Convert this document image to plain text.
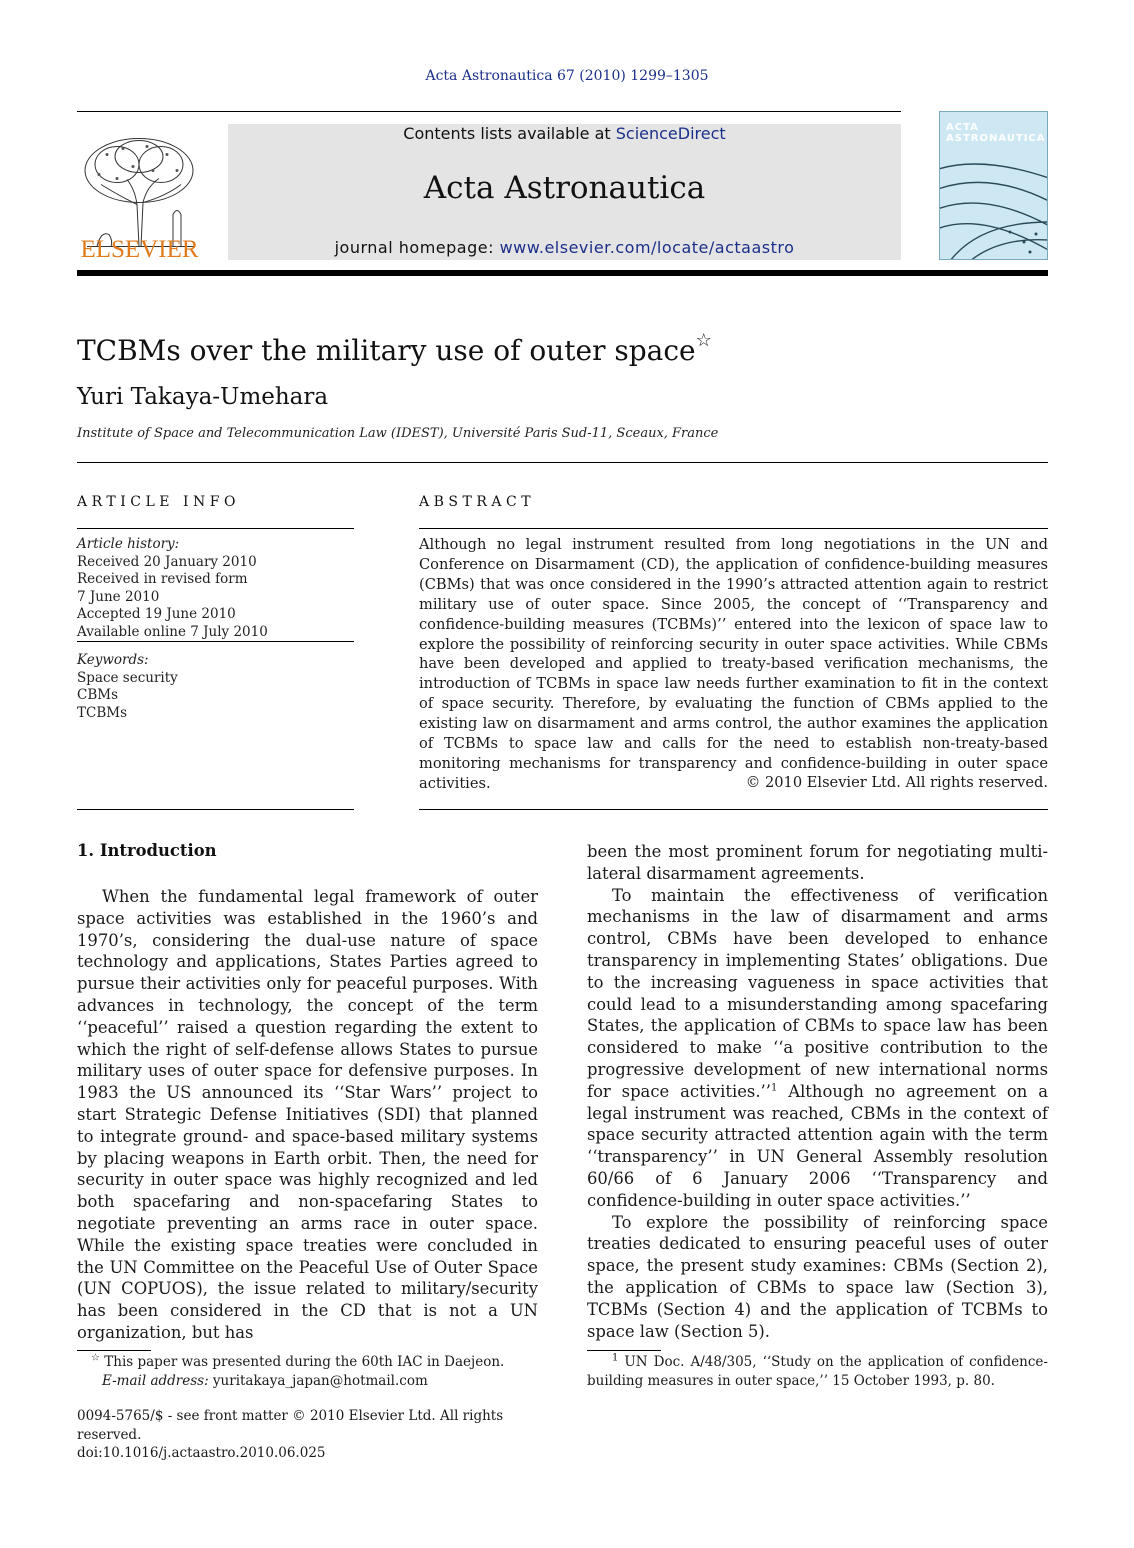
Acta Astronautica 67 (2010) 1299–1305
ELSEVIER
Contents lists available at ScienceDirect
Acta Astronautica
journal homepage: www.elsevier.com/locate/actaastro
ACTA ASTRONAUTICA
TCBMs over the military use of outer space☆
Yuri Takaya-Umehara
Institute of Space and Telecommunication Law (IDEST), Université Paris Sud-11, Sceaux, France
ARTICLE INFO
Article history:
Received 20 January 2010
Received in revised form
7 June 2010
Accepted 19 June 2010
Available online 7 July 2010
Keywords:
Space security
CBMs
TCBMs
ABSTRACT
Although no legal instrument resulted from long negotiations in the UN and Conference on Disarmament (CD), the application of confidence-building measures (CBMs) that was once considered in the 1990’s attracted attention again to restrict military use of outer space. Since 2005, the concept of ‘‘Transparency and confidence-building measures (TCBMs)’’ entered into the lexicon of space law to explore the possibility of reinforcing security in outer space activities. While CBMs have been developed and applied to treaty-based verification mechanisms, the introduction of TCBMs in space law needs further examination to fit in the context of space security. Therefore, by evaluating the function of CBMs applied to the existing law on disarmament and arms control, the author examines the application of TCBMs to space law and calls for the need to establish non-treaty-based monitoring mechanisms for transparency and confidence-building in outer space activities.	© 2010 Elsevier Ltd. All rights reserved.
1. Introduction

When the fundamental legal framework of outer space activities was established in the 1960’s and 1970’s, considering the dual-use nature of space technology and applications, States Parties agreed to pursue their activities only for peaceful purposes. With advances in technology, the concept of the term ‘‘peaceful’’ raised a question regarding the extent to which the right of self-defense allows States to pursue military uses of outer space for defensive purposes. In 1983 the US announced its ‘‘Star Wars’’ project to start Strategic Defense Initiatives (SDI) that planned to integrate ground- and space-based military systems by placing weapons in Earth orbit. Then, the need for security in outer space was highly recognized and led both spacefaring and non-spacefaring States to negotiate preventing an arms race in outer space. While the existing space treaties were concluded in the UN Committee on the Peaceful Use of Outer Space (UN COPUOS), the issue related to military/security has been considered in the CD that is not a UN organization, but has

been the most prominent forum for negotiating multilateral disarmament agreements.

To maintain the effectiveness of verification mechanisms in the law of disarmament and arms control, CBMs have been developed to enhance transparency in implementing States’ obligations. Due to the increasing vagueness in space activities that could lead to a misunderstanding among spacefaring States, the application of CBMs to space law has been considered to make ‘‘a positive contribution to the progressive development of new international norms for space activities.’’$^1$ Although no agreement on a legal instrument was reached, CBMs in the context of space security attracted attention again with the term ‘‘transparency’’ in UN General Assembly resolution 60/66 of 6 January 2006 ‘‘Transparency and confidence-building in outer space activities.’’

To explore the possibility of reinforcing space treaties dedicated to ensuring peaceful uses of outer space, the present study examines: CBMs (Section 2), the application of CBMs to space law (Section 3), TCBMs (Section 4) and the application of TCBMs to space law (Section 5).

☆ This paper was presented during the 60th IAC in Daejeon.
E-mail address: yuritakaya_japan@hotmail.com
0094-5765/$ - see front matter © 2010 Elsevier Ltd. All rights reserved.
doi:10.1016/j.actaastro.2010.06.025
$^1$ UN Doc. A/48/305, ‘‘Study on the application of confidence-building measures in outer space,’’ 15 October 1993, p. 80.
